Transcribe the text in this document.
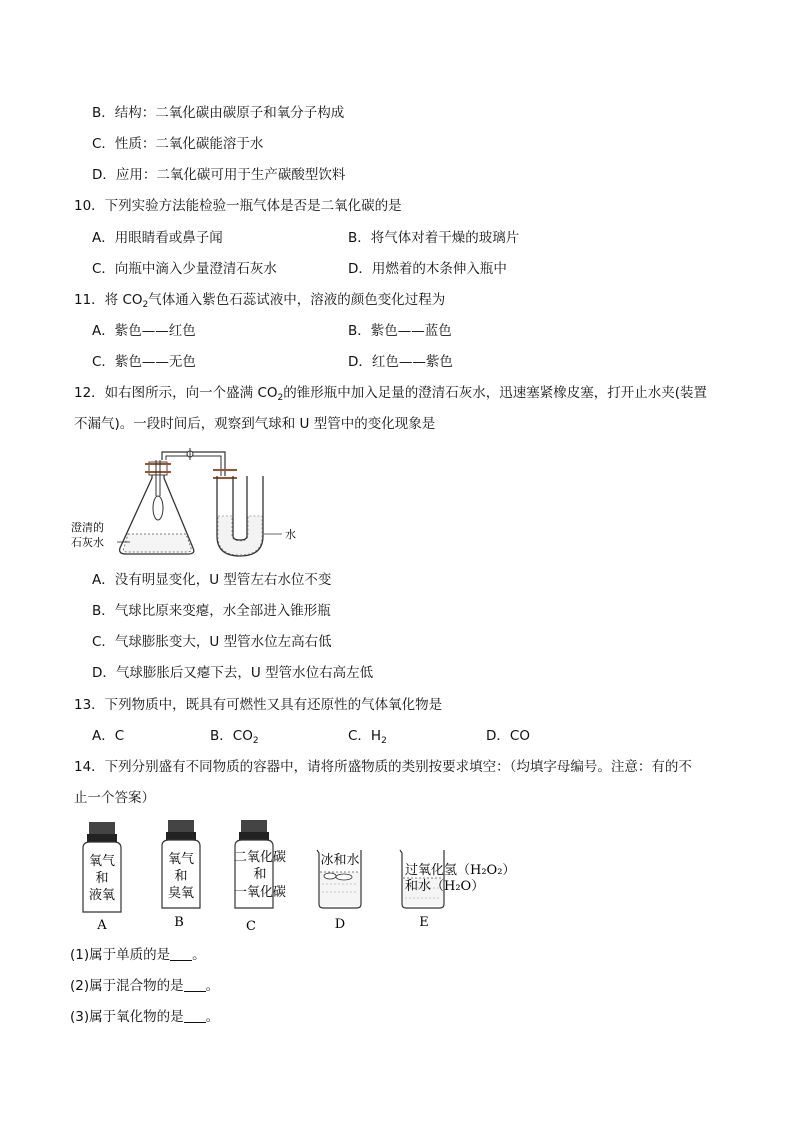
B．结构：二氧化碳由碳原子和氧分子构成
C．性质：二氧化碳能溶于水
D．应用：二氧化碳可用于生产碳酸型饮料
10．下列实验方法能检验一瓶气体是否是二氧化碳的是
A．用眼睛看或鼻子闻	B．将气体对着干燥的玻璃片
C．向瓶中滴入少量澄清石灰水	D．用燃着的木条伸入瓶中
11．将 $CO_2$气体通入紫色石蕊试液中，溶液的颜色变化过程为
A．紫色——红色	B．紫色——蓝色
C．紫色——无色	D．红色——紫色
12．如右图所示，向一个盛满 $CO_2$的锥形瓶中加入足量的澄清石灰水，迅速塞紧橡皮塞，打开止水夹(装置
不漏气)。一段时间后，观察到气球和 U 型管中的变化现象是
澄清的
石灰水
水
A．没有明显变化，U 型管左右水位不变
B．气球比原来变瘪，水全部进入锥形瓶
C．气球膨胀变大，U 型管水位左高右低
D．气球膨胀后又瘪下去，U 型管水位右高左低
13．下列物质中，既具有可燃性又具有还原性的气体氧化物是
A．C	B．$CO_2$	C．$H_2$	D．CO
14．下列分别盛有不同物质的容器中，请将所盛物质的类别按要求填空：（均填字母编号。注意：有的不
止一个答案）
氧气
和
液氧
A
氧气
和
臭氧
B
二氧化碳
和
一氧化碳
C
冰和水
D
过氧化氢（H₂O₂）
和水（H₂O）
E
(1)属于单质的是 。
(2)属于混合物的是 。
(3)属于氧化物的是 。
